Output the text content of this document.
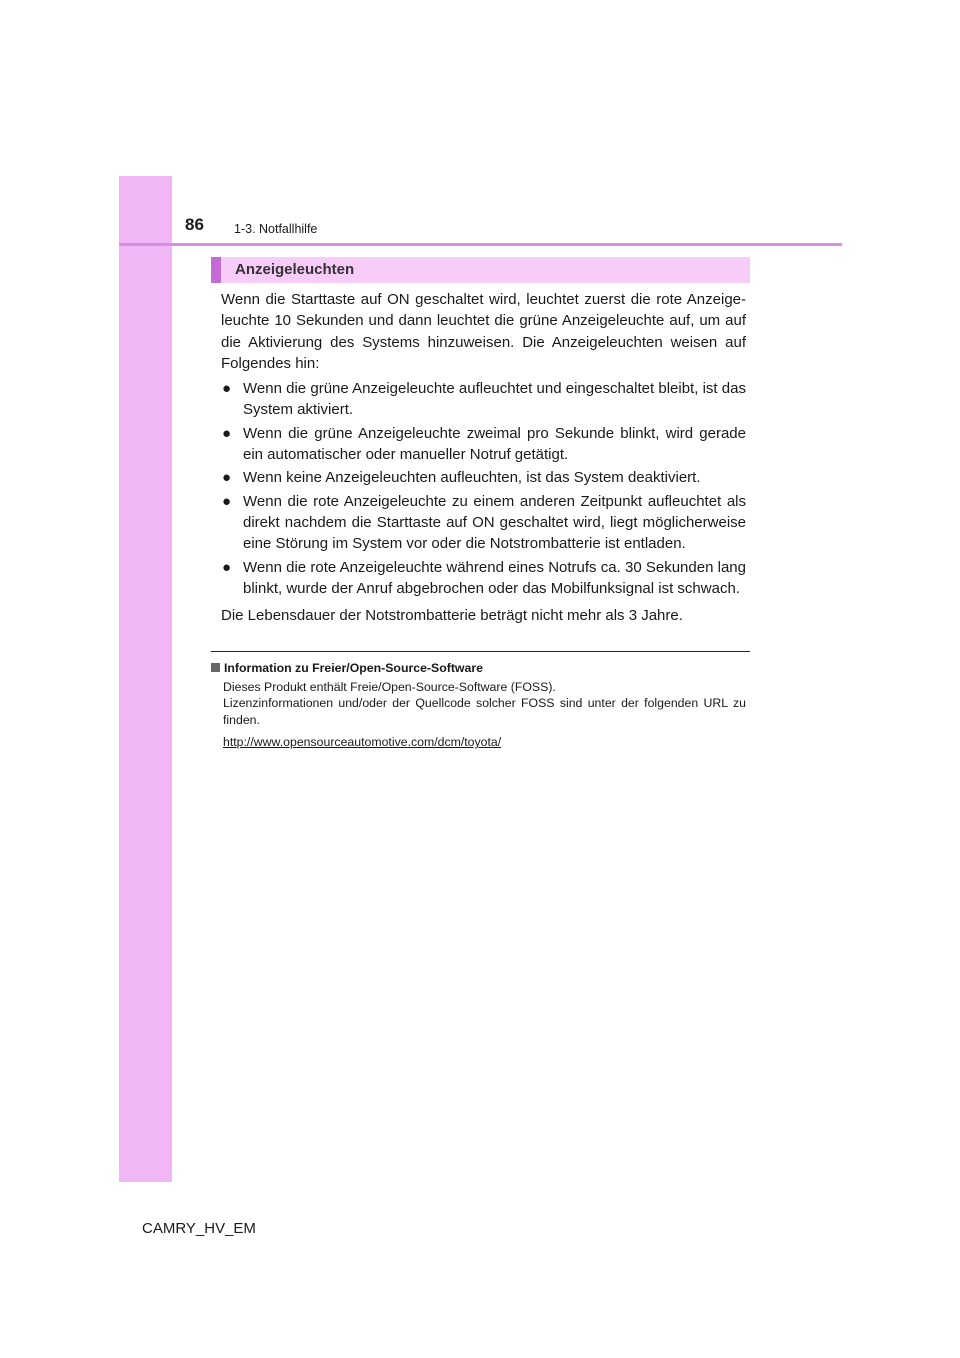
86 1-3. Notfallhilfe
Anzeigeleuchten

Wenn die Starttaste auf ON geschaltet wird, leuchtet zuerst die rote Anzeige-leuchte 10 Sekunden und dann leuchtet die grüne Anzeigeleuchte auf, um auf die Aktivierung des Systems hinzuweisen. Die Anzeigeleuchten weisen auf Folgendes hin:

● Wenn die grüne Anzeigeleuchte aufleuchtet und eingeschaltet bleibt, ist das System aktiviert.
● Wenn die grüne Anzeigeleuchte zweimal pro Sekunde blinkt, wird gerade ein automatischer oder manueller Notruf getätigt.
● Wenn keine Anzeigeleuchten aufleuchten, ist das System deaktiviert.
● Wenn die rote Anzeigeleuchte zu einem anderen Zeitpunkt aufleuchtet als direkt nachdem die Starttaste auf ON geschaltet wird, liegt möglicherweise eine Störung im System vor oder die Notstrombatterie ist entladen.
● Wenn die rote Anzeigeleuchte während eines Notrufs ca. 30 Sekunden lang blinkt, wurde der Anruf abgebrochen oder das Mobilfunksignal ist schwach.

Die Lebensdauer der Notstrombatterie beträgt nicht mehr als 3 Jahre.

Information zu Freier/Open-Source-Software

Dieses Produkt enthält Freie/Open-Source-Software (FOSS).

Lizenzinformationen und/oder der Quellcode solcher FOSS sind unter der folgenden URL zu finden.

http://www.opensourceautomotive.com/dcm/toyota/

CAMRY_HV_EM
